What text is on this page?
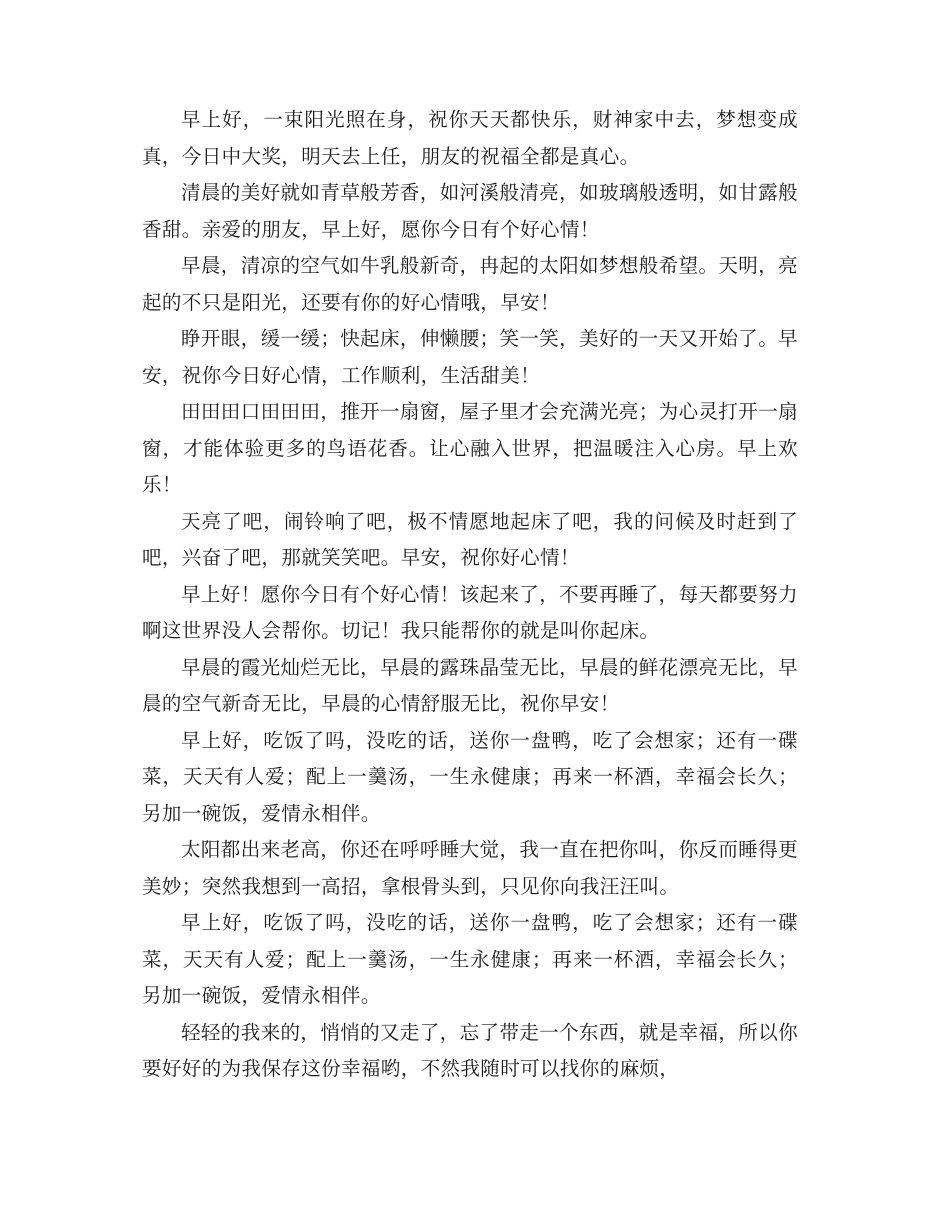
早上好，一束阳光照在身，祝你天天都快乐，财神家中去，梦想变成真，今日中大奖，明天去上任，朋友的祝福全都是真心。

清晨的美好就如青草般芳香，如河溪般清亮，如玻璃般透明，如甘露般香甜。亲爱的朋友，早上好，愿你今日有个好心情！

早晨，清凉的空气如牛乳般新奇，冉起的太阳如梦想般希望。天明，亮起的不只是阳光，还要有你的好心情哦，早安！

睁开眼，缓一缓；快起床，伸懒腰；笑一笑，美好的一天又开始了。早安，祝你今日好心情，工作顺利，生活甜美！

田田田口田田田，推开一扇窗，屋子里才会充满光亮；为心灵打开一扇窗，才能体验更多的鸟语花香。让心融入世界，把温暖注入心房。早上欢乐！

天亮了吧，闹铃响了吧，极不情愿地起床了吧，我的问候及时赶到了吧，兴奋了吧，那就笑笑吧。早安，祝你好心情！

早上好！愿你今日有个好心情！该起来了，不要再睡了，每天都要努力啊这世界没人会帮你。切记！我只能帮你的就是叫你起床。

早晨的霞光灿烂无比，早晨的露珠晶莹无比，早晨的鲜花漂亮无比，早晨的空气新奇无比，早晨的心情舒服无比，祝你早安！

早上好，吃饭了吗，没吃的话，送你一盘鸭，吃了会想家；还有一碟菜，天天有人爱；配上一羹汤，一生永健康；再来一杯酒，幸福会长久；另加一碗饭，爱情永相伴。

太阳都出来老高，你还在呼呼睡大觉，我一直在把你叫，你反而睡得更美妙；突然我想到一高招，拿根骨头到，只见你向我汪汪叫。

早上好，吃饭了吗，没吃的话，送你一盘鸭，吃了会想家；还有一碟菜，天天有人爱；配上一羹汤，一生永健康；再来一杯酒，幸福会长久；另加一碗饭，爱情永相伴。

轻轻的我来的，悄悄的又走了，忘了带走一个东西，就是幸福，所以你要好好的为我保存这份幸福哟，不然我随时可以找你的麻烦，
